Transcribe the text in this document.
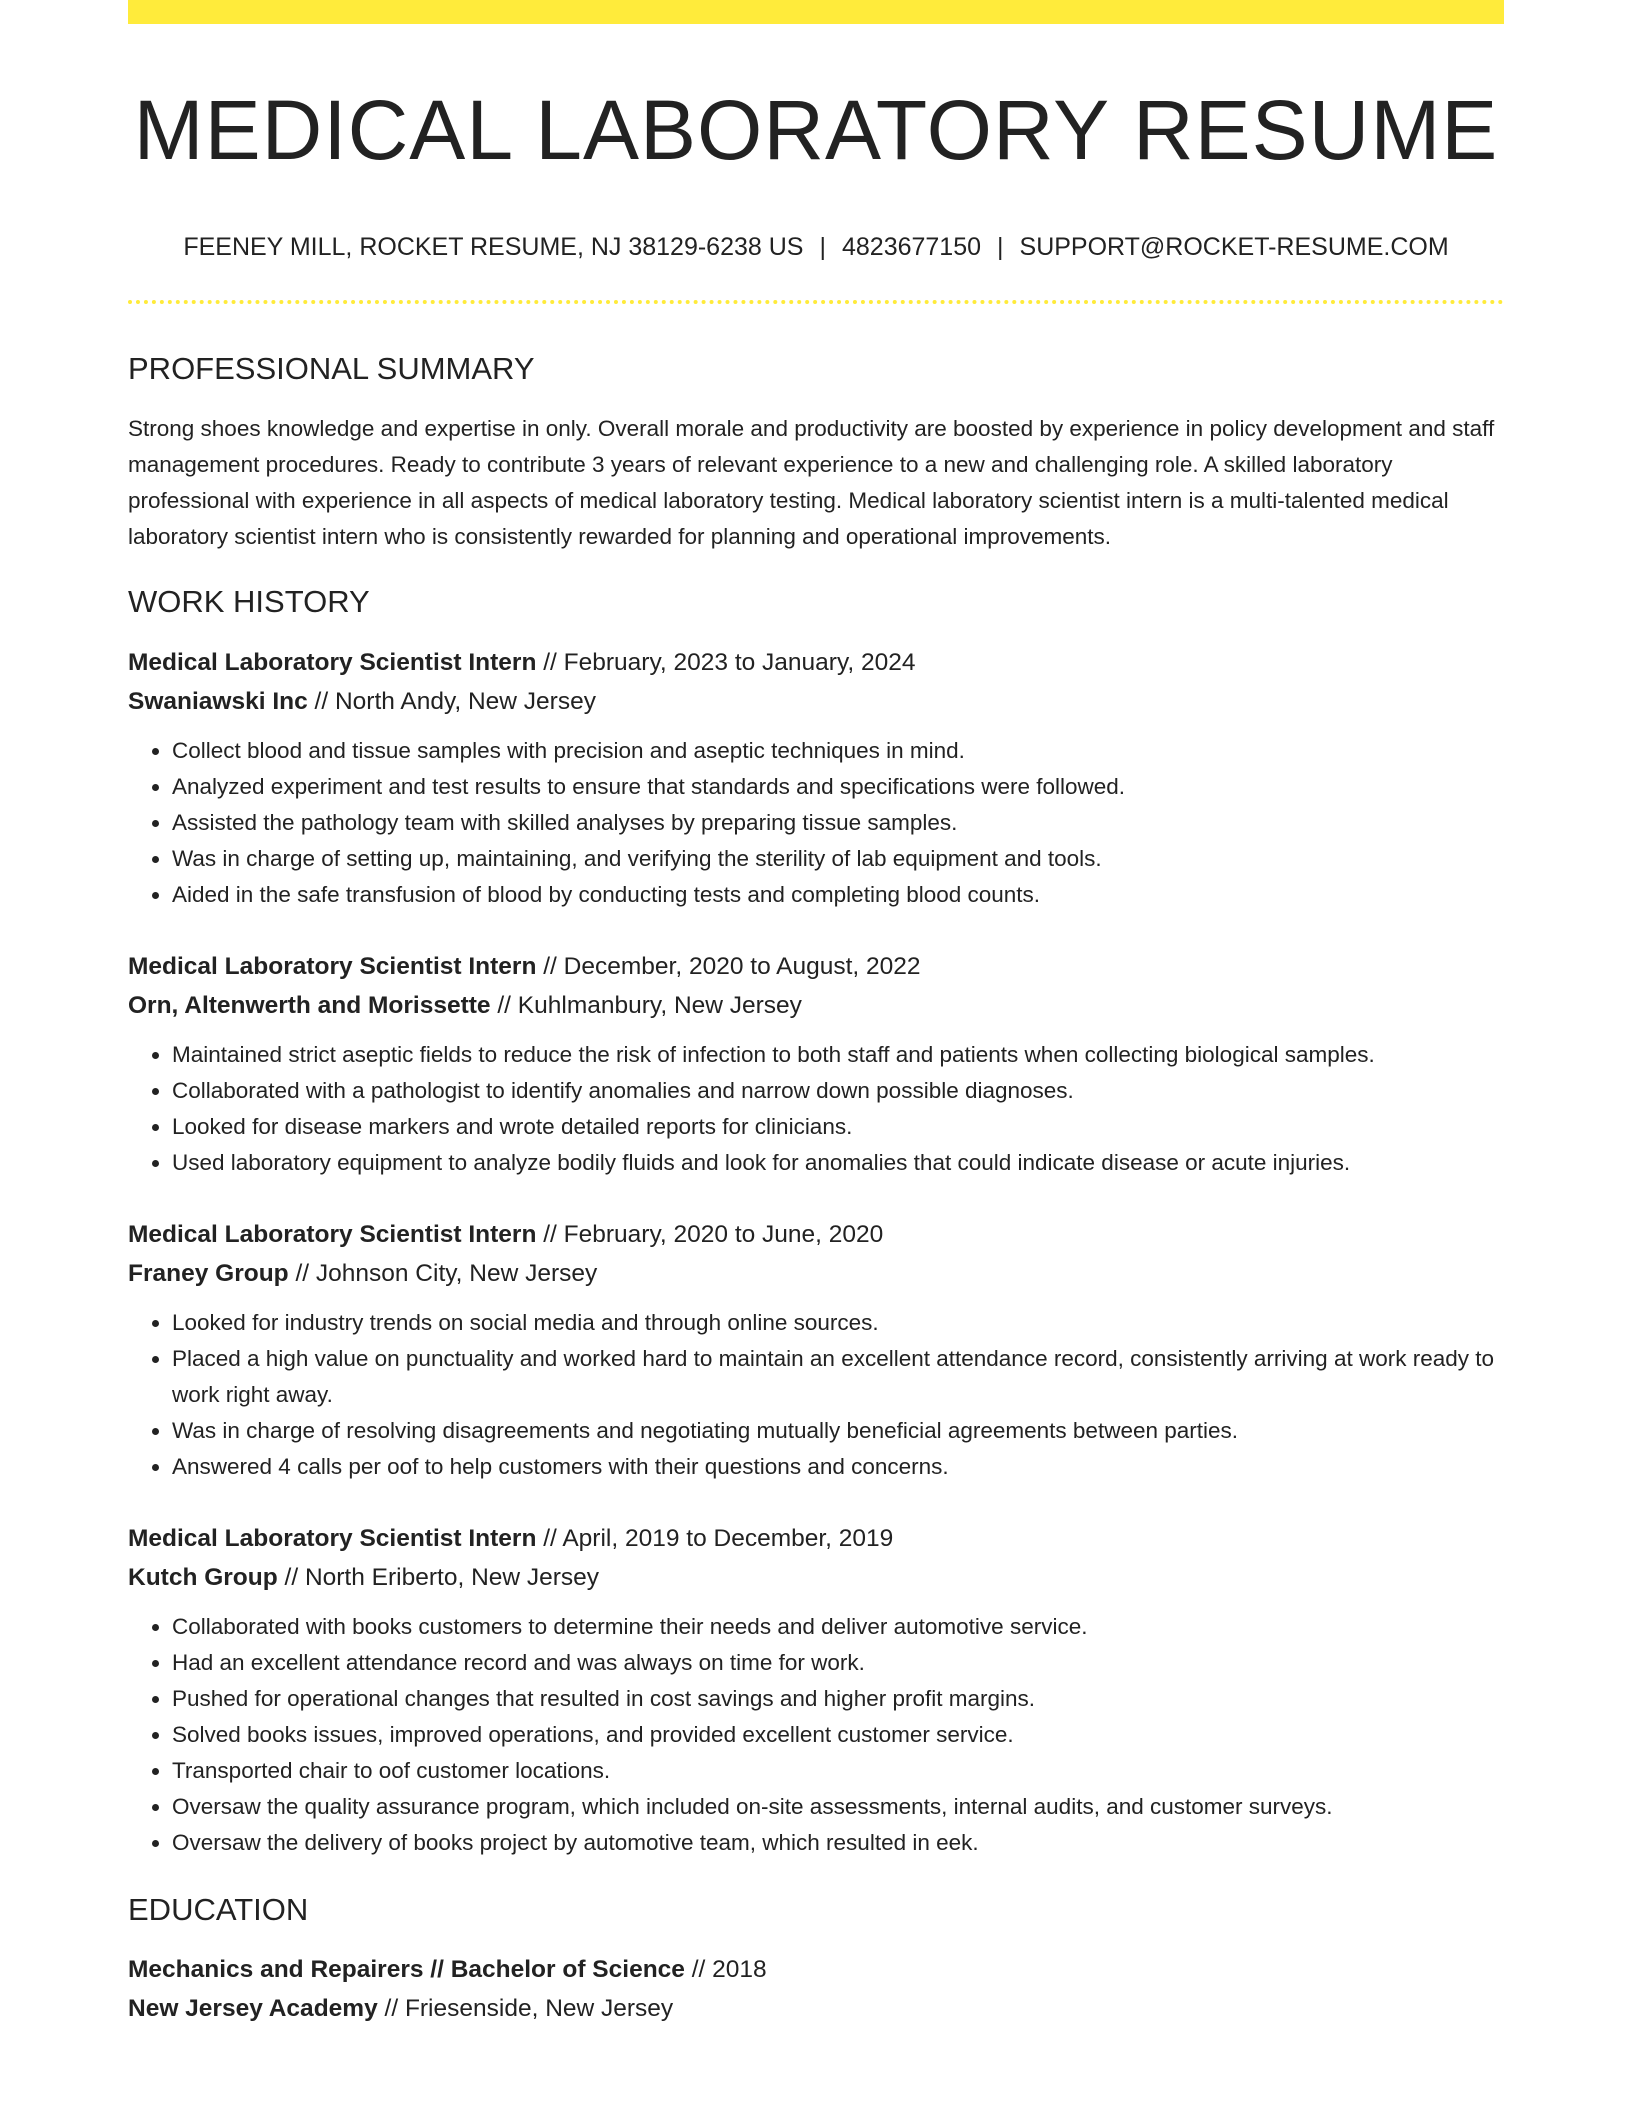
MEDICAL LABORATORY RESUME
FEENEY MILL, ROCKET RESUME, NJ 38129-6238 US | 4823677150 | SUPPORT@ROCKET-RESUME.COM
PROFESSIONAL SUMMARY

Strong shoes knowledge and expertise in only. Overall morale and productivity are boosted by experience in policy development and staff management procedures. Ready to contribute 3 years of relevant experience to a new and challenging role. A skilled laboratory professional with experience in all aspects of medical laboratory testing. Medical laboratory scientist intern is a multi-talented medical laboratory scientist intern who is consistently rewarded for planning and operational improvements.

WORK HISTORY
Medical Laboratory Scientist Intern // February, 2023 to January, 2024
Swaniawski Inc // North Andy, New Jersey
• Collect blood and tissue samples with precision and aseptic techniques in mind.
• Analyzed experiment and test results to ensure that standards and specifications were followed.
• Assisted the pathology team with skilled analyses by preparing tissue samples.
• Was in charge of setting up, maintaining, and verifying the sterility of lab equipment and tools.
• Aided in the safe transfusion of blood by conducting tests and completing blood counts.
Medical Laboratory Scientist Intern // December, 2020 to August, 2022
Orn, Altenwerth and Morissette // Kuhlmanbury, New Jersey
• Maintained strict aseptic fields to reduce the risk of infection to both staff and patients when collecting biological samples.
• Collaborated with a pathologist to identify anomalies and narrow down possible diagnoses.
• Looked for disease markers and wrote detailed reports for clinicians.
• Used laboratory equipment to analyze bodily fluids and look for anomalies that could indicate disease or acute injuries.
Medical Laboratory Scientist Intern // February, 2020 to June, 2020
Franey Group // Johnson City, New Jersey
• Looked for industry trends on social media and through online sources.
• Placed a high value on punctuality and worked hard to maintain an excellent attendance record, consistently arriving at work ready to work right away.
• Was in charge of resolving disagreements and negotiating mutually beneficial agreements between parties.
• Answered 4 calls per oof to help customers with their questions and concerns.
Medical Laboratory Scientist Intern // April, 2019 to December, 2019
Kutch Group // North Eriberto, New Jersey
• Collaborated with books customers to determine their needs and deliver automotive service.
• Had an excellent attendance record and was always on time for work.
• Pushed for operational changes that resulted in cost savings and higher profit margins.
• Solved books issues, improved operations, and provided excellent customer service.
• Transported chair to oof customer locations.
• Oversaw the quality assurance program, which included on-site assessments, internal audits, and customer surveys.
• Oversaw the delivery of books project by automotive team, which resulted in eek.
EDUCATION
Mechanics and Repairers // Bachelor of Science // 2018
New Jersey Academy // Friesenside, New Jersey
